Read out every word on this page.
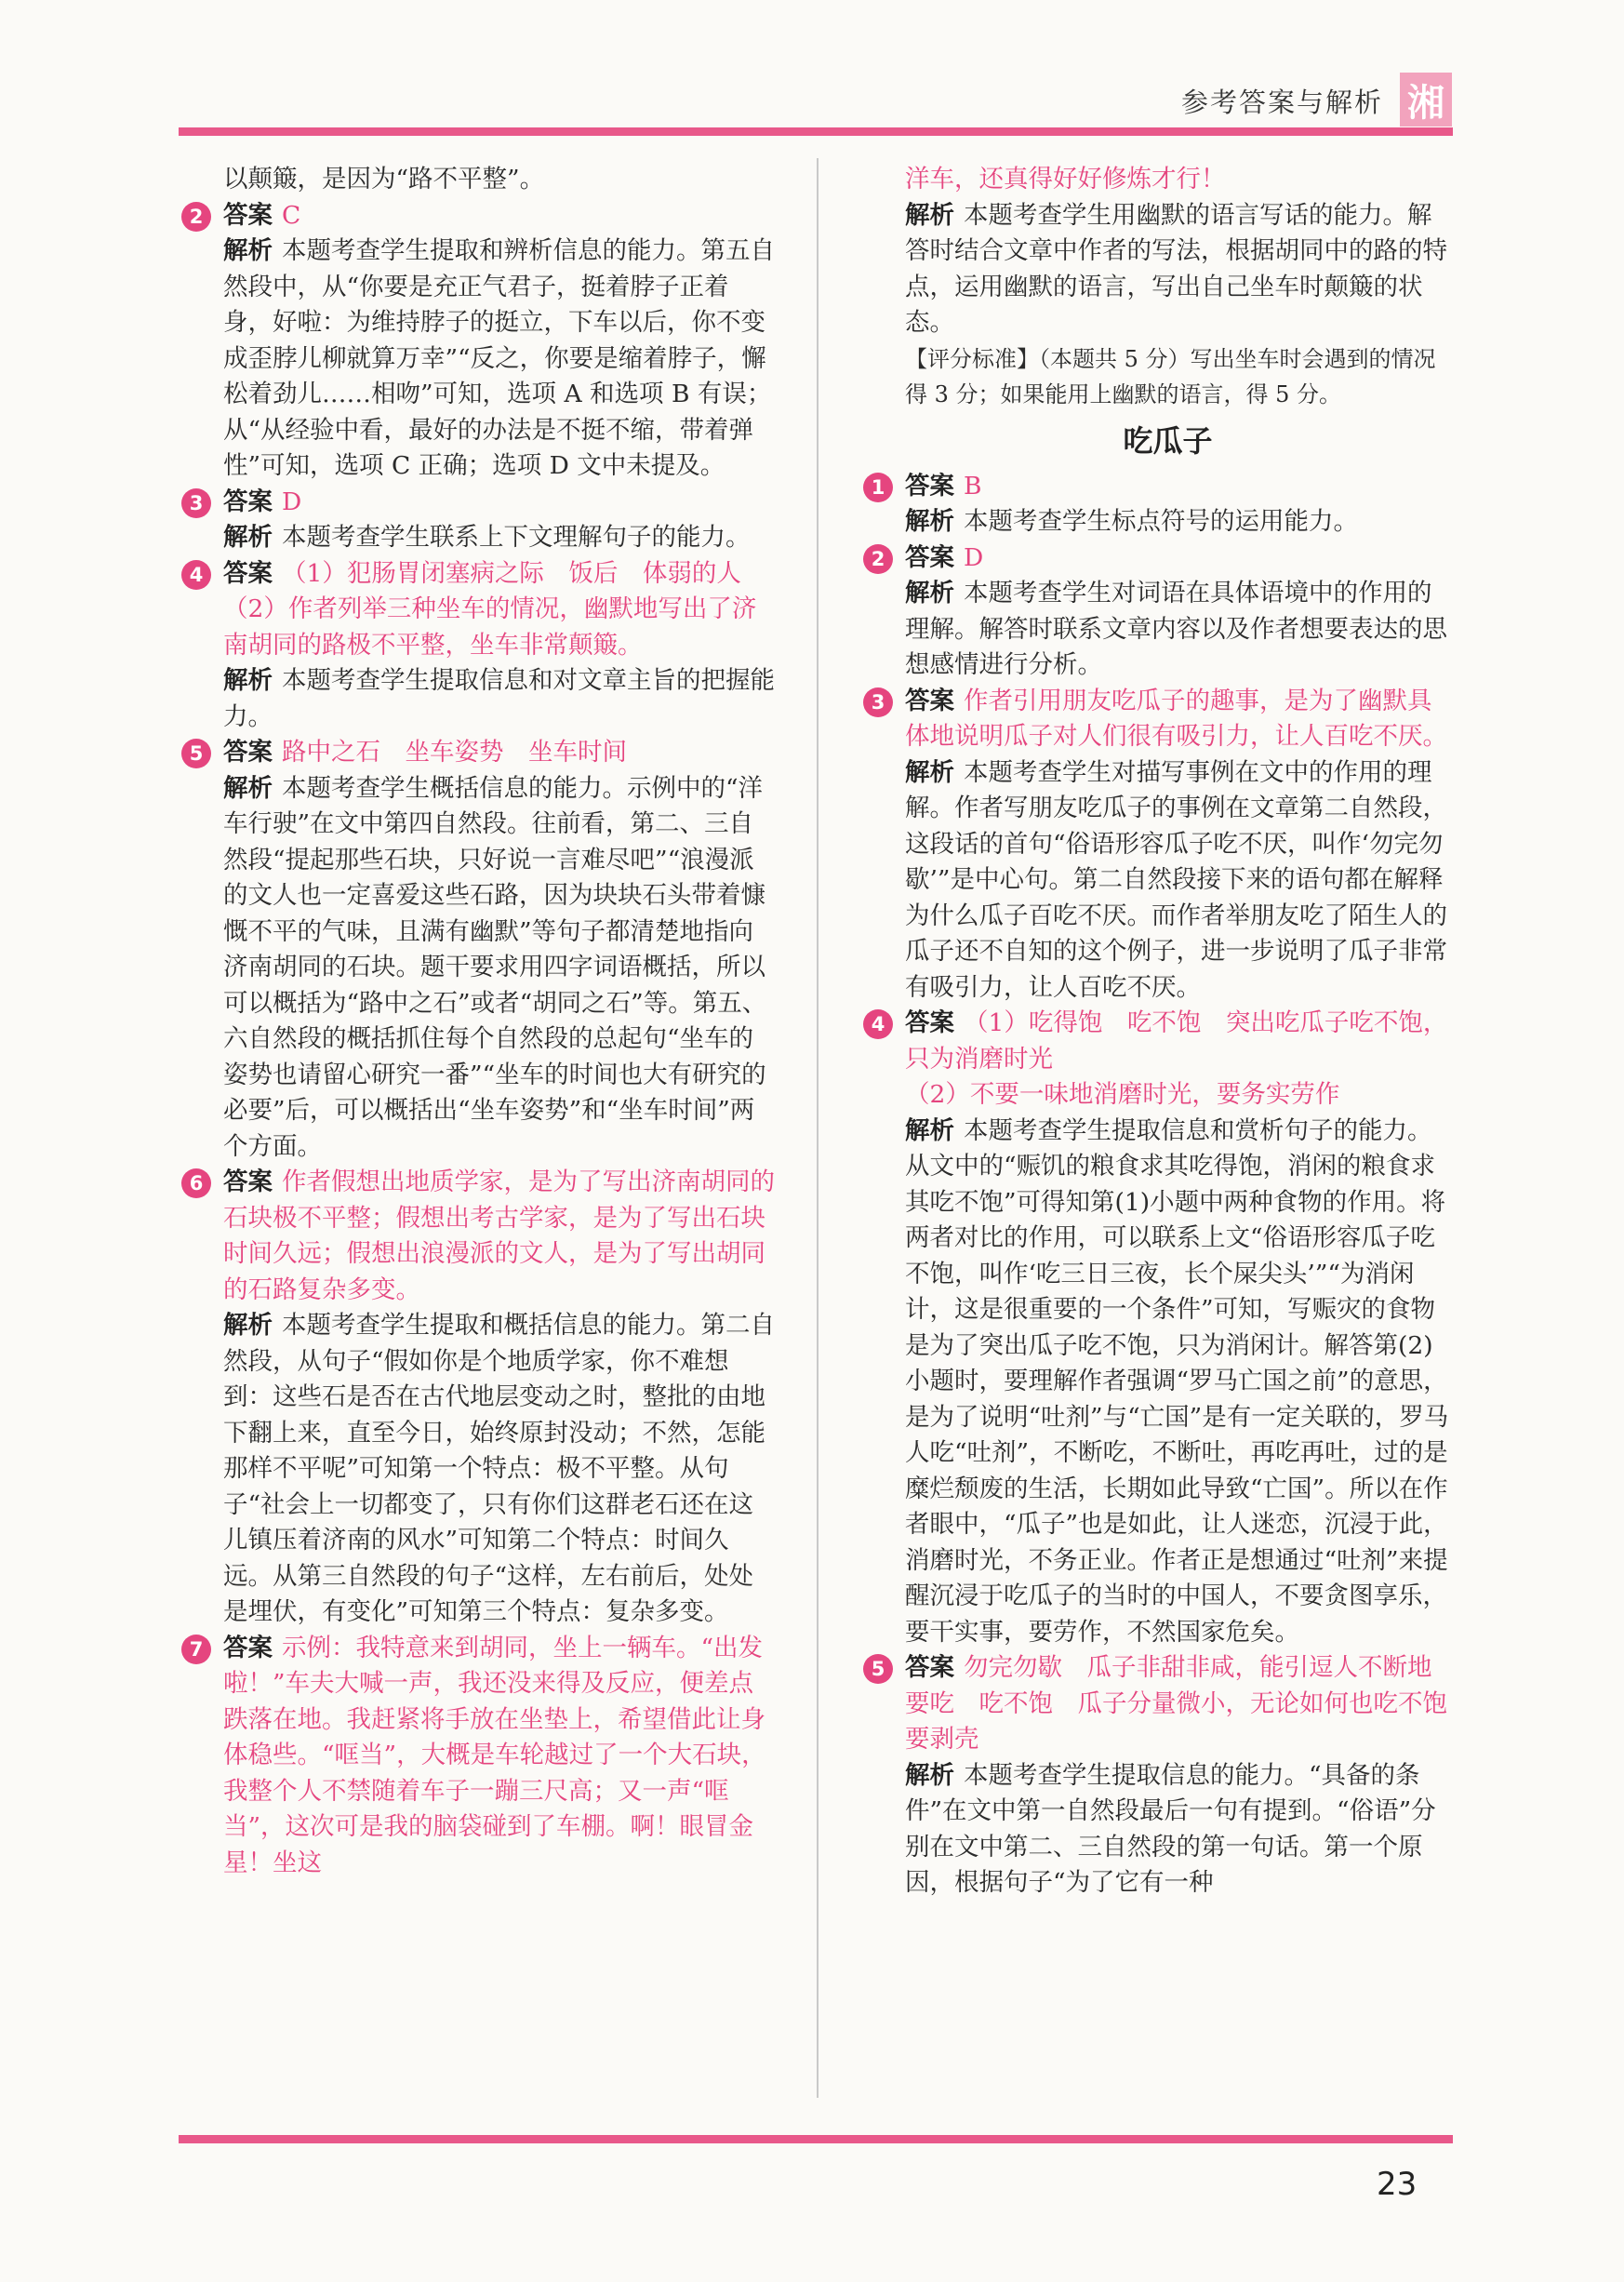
参考答案与解析 湘
以颠簸，是因为“路不平整”。
2 答案 C
解析 本题考查学生提取和辨析信息的能力。第五自然段中，从“你要是充正气君子，挺着脖子正着身，好啦：为维持脖子的挺立，下车以后，你不变成歪脖儿柳就算万幸”“反之，你要是缩着脖子，懈松着劲儿……相吻”可知，选项 A 和选项 B 有误；从“从经验中看，最好的办法是不挺不缩，带着弹性”可知，选项 C 正确；选项 D 文中未提及。
3 答案 D
解析 本题考查学生联系上下文理解句子的能力。
4 答案 （1）犯肠胃闭塞病之际　饭后　体弱的人
（2）作者列举三种坐车的情况，幽默地写出了济南胡同的路极不平整，坐车非常颠簸。
解析 本题考查学生提取信息和对文章主旨的把握能力。
5 答案 路中之石　坐车姿势　坐车时间
解析 本题考查学生概括信息的能力。示例中的“洋车行驶”在文中第四自然段。往前看，第二、三自然段“提起那些石块，只好说一言难尽吧”“浪漫派的文人也一定喜爱这些石路，因为块块石头带着慷慨不平的气味，且满有幽默”等句子都清楚地指向济南胡同的石块。题干要求用四字词语概括，所以可以概括为“路中之石”或者“胡同之石”等。第五、六自然段的概括抓住每个自然段的总起句“坐车的姿势也请留心研究一番”“坐车的时间也大有研究的必要”后，可以概括出“坐车姿势”和“坐车时间”两个方面。
6 答案 作者假想出地质学家，是为了写出济南胡同的石块极不平整；假想出考古学家，是为了写出石块时间久远；假想出浪漫派的文人，是为了写出胡同的石路复杂多变。
解析 本题考查学生提取和概括信息的能力。第二自然段，从句子“假如你是个地质学家，你不难想到：这些石是否在古代地层变动之时，整批的由地下翻上来，直至今日，始终原封没动；不然，怎能那样不平呢”可知第一个特点：极不平整。从句子“社会上一切都变了，只有你们这群老石还在这儿镇压着济南的风水”可知第二个特点：时间久远。从第三自然段的句子“这样，左右前后，处处是埋伏，有变化”可知第三个特点：复杂多变。
7 答案 示例：我特意来到胡同，坐上一辆车。“出发啦！”车夫大喊一声，我还没来得及反应，便差点跌落在地。我赶紧将手放在坐垫上，希望借此让身体稳些。“哐当”，大概是车轮越过了一个大石块，我整个人不禁随着车子一蹦三尺高；又一声“哐当”，这次可是我的脑袋碰到了车棚。啊！眼冒金星！坐这
洋车，还真得好好修炼才行！
解析 本题考查学生用幽默的语言写话的能力。解答时结合文章中作者的写法，根据胡同中的路的特点，运用幽默的语言，写出自己坐车时颠簸的状态。
【评分标准】（本题共 5 分）写出坐车时会遇到的情况得 3 分；如果能用上幽默的语言，得 5 分。
吃瓜子
1 答案 B
解析 本题考查学生标点符号的运用能力。
2 答案 D
解析 本题考查学生对词语在具体语境中的作用的理解。解答时联系文章内容以及作者想要表达的思想感情进行分析。
3 答案 作者引用朋友吃瓜子的趣事，是为了幽默具体地说明瓜子对人们很有吸引力，让人百吃不厌。
解析 本题考查学生对描写事例在文中的作用的理解。作者写朋友吃瓜子的事例在文章第二自然段，这段话的首句“俗语形容瓜子吃不厌，叫作‘勿完勿歇’”是中心句。第二自然段接下来的语句都在解释为什么瓜子百吃不厌。而作者举朋友吃了陌生人的瓜子还不自知的这个例子，进一步说明了瓜子非常有吸引力，让人百吃不厌。
4 答案 （1）吃得饱　吃不饱　突出吃瓜子吃不饱，只为消磨时光
（2）不要一味地消磨时光，要务实劳作
解析 本题考查学生提取信息和赏析句子的能力。从文中的“赈饥的粮食求其吃得饱，消闲的粮食求其吃不饱”可得知第(1)小题中两种食物的作用。将两者对比的作用，可以联系上文“俗语形容瓜子吃不饱，叫作‘吃三日三夜，长个屎尖头’”“为消闲计，这是很重要的一个条件”可知，写赈灾的食物是为了突出瓜子吃不饱，只为消闲计。解答第(2)小题时，要理解作者强调“罗马亡国之前”的意思，是为了说明“吐剂”与“亡国”是有一定关联的，罗马人吃“吐剂”，不断吃，不断吐，再吃再吐，过的是糜烂颓废的生活，长期如此导致“亡国”。所以在作者眼中，“瓜子”也是如此，让人迷恋，沉浸于此，消磨时光，不务正业。作者正是想通过“吐剂”来提醒沉浸于吃瓜子的当时的中国人，不要贪图享乐，要干实事，要劳作，不然国家危矣。
5 答案 勿完勿歇　瓜子非甜非咸，能引逗人不断地要吃　吃不饱　瓜子分量微小，无论如何也吃不饱　要剥壳
解析 本题考查学生提取信息的能力。“具备的条件”在文中第一自然段最后一句有提到。“俗语”分别在文中第二、三自然段的第一句话。第一个原因，根据句子“为了它有一种
23
